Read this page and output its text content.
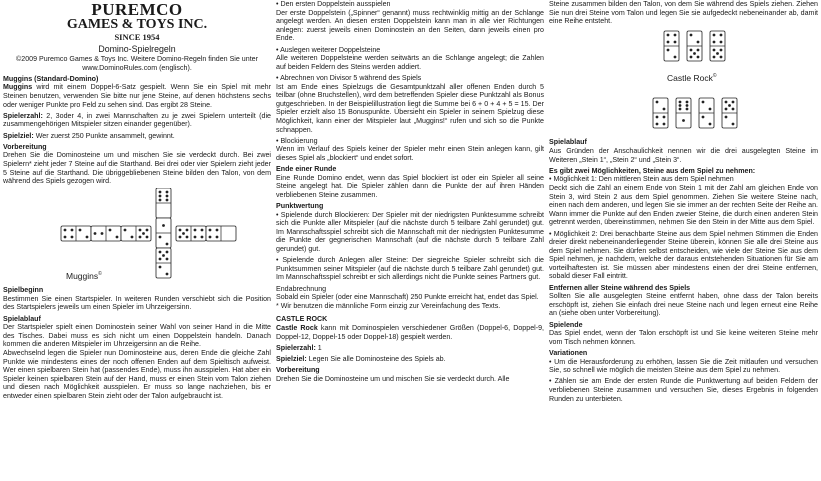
PUREMCO
GAMES & TOYS INC.
SINCE 1954
Domino-Spielregeln

©2009 Puremco Games & Toys Inc. Weitere Domino-Regeln finden Sie unter www.DominoRules.com (englisch).

Muggins (Standard-Domino)

Muggins wird mit einem Doppel-6-Satz gespielt. Wenn Sie ein Spiel mit mehr Steinen benutzen, verwenden Sie bitte nur jene Steine, auf denen höchstens sechs oder weniger Punkte pro Feld zu sehen sind. Das ergibt 28 Steine.

Spielerzahl: 2, 3oder 4, in zwei Mannschaften zu je zwei Spielern unterteilt (die zusammengehörigen Mitspieler sitzen einander gegenüber).

Spielziel: Wer zuerst 250 Punkte ansammelt, gewinnt.

Vorbereitung

Drehen Sie die Dominosteine um und mischen Sie sie verdeckt durch. Bei zwei Spielern* zieht jeder 7 Steine auf die Starthand. Bei drei oder vier Spielern zieht jeder 5 Steine auf die Starthand. Die übriggebliebenen Steine bilden den Talon, von dem während des Spiels gezogen wird.

Muggins©

Spielbeginn

Bestimmen Sie einen Startspieler. In weiteren Runden verschiebt sich die Position des Startspielers jeweils um einen Spieler im Uhrzeigersinn.

Spielablauf

Der Startspieler spielt einen Dominostein seiner Wahl von seiner Hand in die Mitte des Tisches. Dabei muss es sich nicht um einen Doppelstein handeln. Danach kommen die anderen Mitspieler im Uhrzeigersinn an die Reihe.

Abwechselnd legen die Spieler nun Dominosteine aus, deren Ende die gleiche Zahl Punkte wie mindestens eines der noch offenen Enden auf dem Spieltisch aufweist. Wer einen spielbaren Stein hat (passendes Ende), muss ihn ausspielen. Hat aber ein Spieler keinen spielbaren Stein auf der Hand, muss er einen Stein vom Talon ziehen und diesen nach Möglichkeit ausspielen. Er muss so lange nachziehen, bis er entweder einen spielbaren Stein zieht oder der Talon aufgebraucht ist.

• Den ersten Doppelstein ausspielen

Der erste Doppelstein („Spinner“ genannt) muss rechtwinklig mittig an der Schlange angelegt werden. An diesen ersten Doppelstein kann man in alle vier Richtungen anlegen: zuerst jeweils einen Dominostein an den Seiten, dann jeweils einen pro Ende.

• Auslegen weiterer Doppelsteine

Alle weiteren Doppelsteine werden seitwärts an die Schlange angelegt; die Zahlen auf beiden Feldern des Steins werden addiert.

• Abrechnen von Divisor 5 während des Spiels

Ist am Ende eines Spielzugs die Gesamtpunktzahl aller offenen Enden durch 5 teilbar (ohne Bruchstellen), wird dem betreffenden Spieler diese Punktzahl als Bonus gutgeschrieben. In der Beispielillustration liegt die Summe bei 6 + 0 + 4 + 5 = 15. Der Spieler erzielt also 15 Bonuspunkte. Übersieht ein Spieler in seinem Spielzug diese Möglichkeit, kann einer der Mitspieler laut „Muggins!“ rufen und sich so die Punkte schnappen.

• Blockierung

Wenn im Verlauf des Spiels keiner der Spieler mehr einen Stein anlegen kann, gilt dieses Spiel als „blockiert“ und endet sofort.

Ende einer Runde

Eine Runde Domino endet, wenn das Spiel blockiert ist oder ein Spieler all seine Steine angelegt hat. Die Spieler zählen dann die Punkte der auf ihren Händen verbliebenen Steine zusammen.

Punktwertung

• Spielende durch Blockieren: Der Spieler mit der niedrigsten Punktesumme schreibt sich die Punkte aller Mitspieler (auf die nächste durch 5 teilbare Zahl gerundet) gut. Im Mannschaftsspiel schreibt sich die Mannschaft mit der niedrigsten Punktesumme die Punkte der gegnerischen Mannschaft (auf die nächste durch 5 teilbare Zahl gerundet) gut.

• Spielende durch Anlegen aller Steine: Der siegreiche Spieler schreibt sich die Punktsummen seiner Mitspieler (auf die nächste durch 5 teilbare Zahl gerundet) gut. Im Mannschaftsspiel schreibt er sich allerdings nicht die Punkte seines Partners gut.

Endabrechnung

Sobald ein Spieler (oder eine Mannschaft) 250 Punkte erreicht hat, endet das Spiel.

* Wir benutzen die männliche Form einzig zur Vereinfachung des Texts.

CASTLE ROCK

Castle Rock kann mit Dominospielen verschiedener Größen (Doppel-6, Doppel-9, Doppel-12, Doppel-15 oder Doppel-18) gespielt werden.

Spielerzahl: 1

Spielziel: Legen Sie alle Dominosteine des Spiels ab.

Vorbereitung

Drehen Sie die Dominosteine um und mischen Sie sie verdeckt durch. Alle

Steine zusammen bilden den Talon, von dem Sie während des Spiels ziehen. Ziehen Sie nun drei Steine vom Talon und legen Sie sie aufgedeckt nebeneinander ab, damit eine Reihe entsteht.

Castle Rock©

Spielablauf

Aus Gründen der Anschaulichkeit nennen wir die drei ausgelegten Steine im Weiteren „Stein 1“, „Stein 2“ und „Stein 3“.

Es gibt zwei Möglichkeiten, Steine aus dem Spiel zu nehmen:

• Möglichkeit 1: Den mittleren Stein aus dem Spiel nehmen

Deckt sich die Zahl an einem Ende von Stein 1 mit der Zahl am gleichen Ende von Stein 3, wird Stein 2 aus dem Spiel genommen. Ziehen Sie weitere Steine nach, einen nach dem anderen, und legen Sie sie immer an der rechten Seite der Reihe an. Wann immer die Punkte auf den Enden zweier Steine, die durch einen anderen Stein getrennt werden, übereinstimmen, nehmen Sie den Stein in der Mitte aus dem Spiel.

• Möglichkeit 2: Drei benachbarte Steine aus dem Spiel nehmen Stimmen die Enden dreier direkt nebeneinanderliegender Steine überein, können Sie alle drei Steine aus dem Spiel nehmen. Sie dürfen selbst entscheiden, wie viele der Steine Sie aus dem Spiel nehmen, je nachdem, welche der daraus entstehenden Situationen für Sie am vorteilhaftesten ist. Sie müssen aber mindestens einen der drei Steine entfernen, sobald dieser Fall eintritt.

Entfernen aller Steine während des Spiels

Sollten Sie alle ausgelegten Steine entfernt haben, ohne dass der Talon bereits erschöpft ist, ziehen Sie einfach drei neue Steine nach und legen erneut eine Reihe an (siehe oben unter Vorbereitung).

Spielende

Das Spiel endet, wenn der Talon erschöpft ist und Sie keine weiteren Steine mehr vom Tisch nehmen können.

Variationen

• Um die Herausforderung zu erhöhen, lassen Sie die Zeit mitlaufen und versuchen Sie, so schnell wie möglich die meisten Steine aus dem Spiel zu nehmen.

• Zählen sie am Ende der ersten Runde die Punktwertung auf beiden Feldern der verbliebenen Steine zusammen und versuchen Sie, dieses Ergebnis in folgenden Runden zu unterbieten.
